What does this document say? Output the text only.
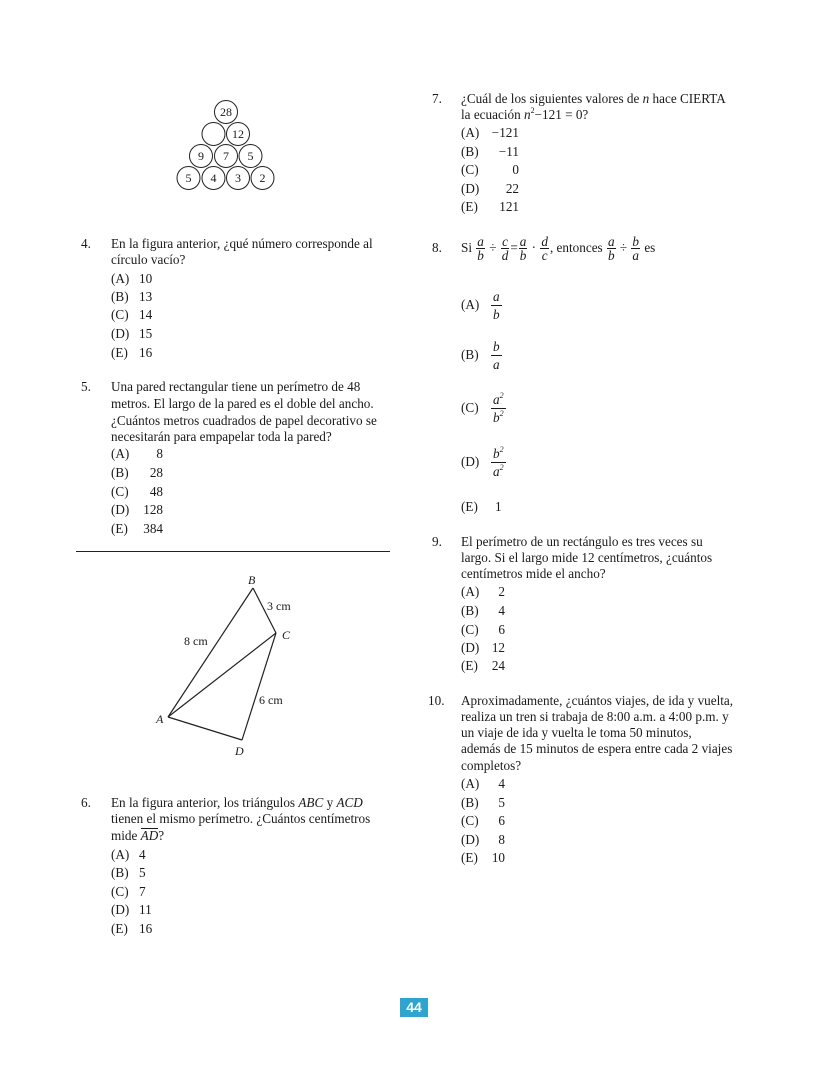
28
12
9 7 5
5 4 3 2
4. En la figura anterior, ¿qué número corresponde al
círculo vacío?
(A) 10
(B) 13
(C) 14
(D) 15
(E) 16
5. Una pared rectangular tiene un perímetro de 48
metros. El largo de la pared es el doble del ancho.
¿Cuántos metros cuadrados de papel decorativo se
necesitarán para empapelar toda la pared?
(A) 8
(B) 28
(C) 48
(D) 128
(E) 384
B
C
A
D
8 cm
3 cm
6 cm
6. En la figura anterior, los triángulos ABC y ACD
tienen el mismo perímetro. ¿Cuántos centímetros
mide AD?
(A) 4
(B) 5
(C) 7
(D) 11
(E) 16
7. ¿Cuál de los siguientes valores de n hace CIERTA
la ecuación $n^2-121 = 0$?
(A) −121
(B) −11
(C)	0
(D) 22
(E) 121
8. Si $\frac{a}{b} \div \frac{c}{d} = \frac{a}{b} \cdot \frac{d}{c}$ , entonces $\frac{a}{b} \div \frac{b}{a}$ es
$(A) \frac{a}{b}$
$(B) \frac{b}{a}$
$(C) \frac{a^2}{b^2}$
$(D) \frac{b^2}{a^2}$
(E) 1
9. El perímetro de un rectángulo es tres veces su
largo. Si el largo mide 12 centímetros, ¿cuántos
centímetros mide el ancho?
(A) 2
(B) 4
(C) 6
(D) 12
(E) 24
10. Aproximadamente, ¿cuántos viajes, de ida y vuelta,
realiza un tren si trabaja de 8:00 a.m. a 4:00 p.m. y
un viaje de ida y vuelta le toma 50 minutos,
además de 15 minutos de espera entre cada 2 viajes
completos?
(A) 4
(B) 5
(C) 6
(D) 8
(E) 10
44
